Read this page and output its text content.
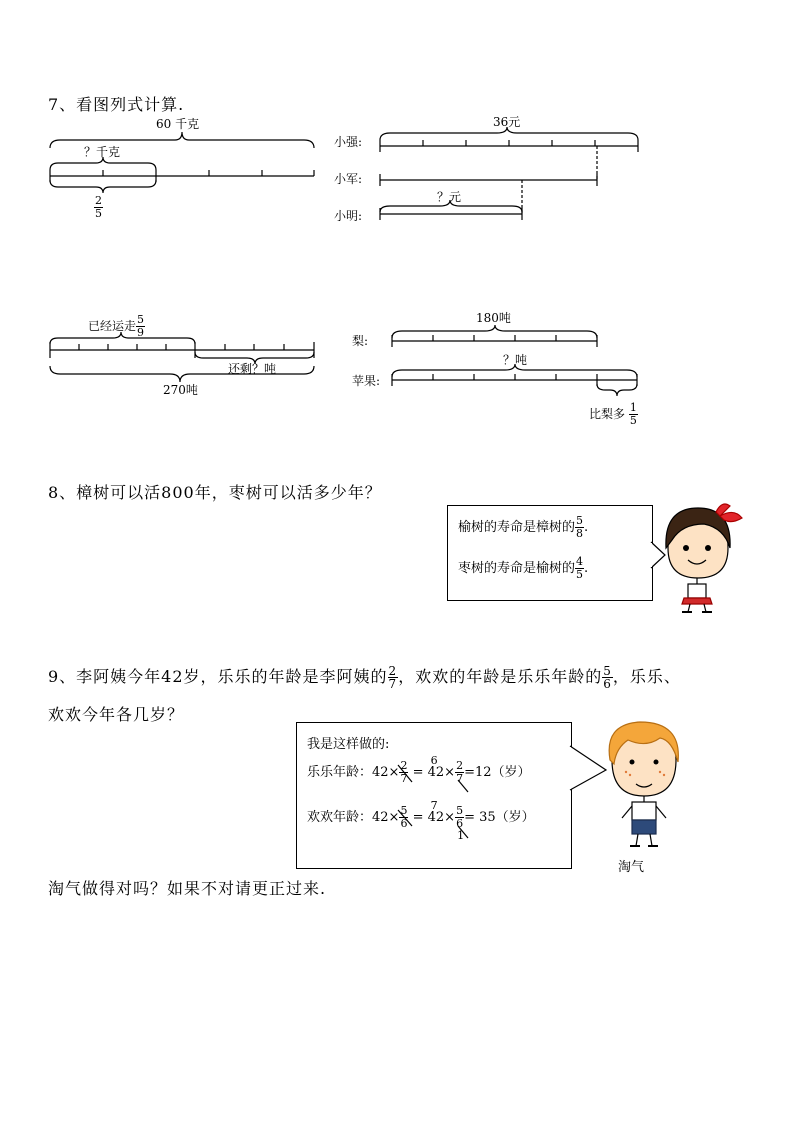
7、看图列式计算.
60 千克
？千克
$\frac{2}{5}$
小强:
小军:
小明:
36元
？元
已经运走 $\frac{5}{9}$
还剩？吨
270吨
梨:
苹果:
180吨
？吨
比梨多 $\frac{1}{5}$
8、樟树可以活800年，枣树可以活多少年？
榆树的寿命是樟树的 $\frac{5}{8}$ .
枣树的寿命是榆树的 $\frac{4}{5}$ .
9、李阿姨今年42岁，乐乐的年龄是李阿姨的 $\frac{2}{7}$ ，欢欢的年龄是乐乐年龄的 $\frac{5}{6}$ ，乐乐、
欢欢今年各几岁？
我是这样做的:
乐乐年龄：$42\times \frac{2}{7}$ =
6
$42\times \frac{2}{7} =12$（岁）
欢欢年龄：$42\times \frac{5}{6}$ =
7
42× 5
6
1
= 35（岁）
淘气
淘气做得对吗？如果不对请更正过来.
